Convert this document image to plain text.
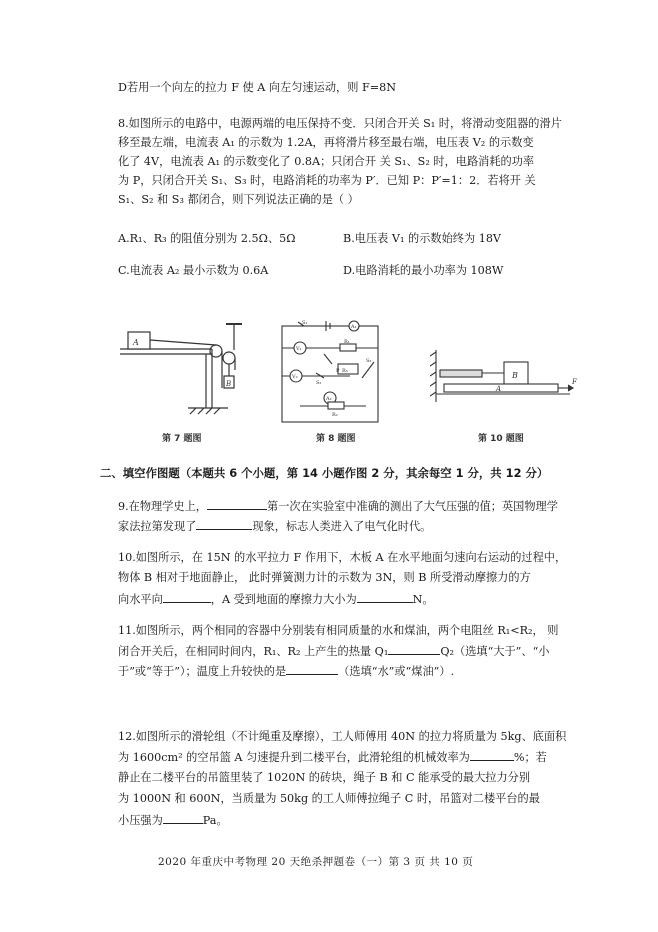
D若用一个向左的拉力 F 使 A 向左匀速运动，则 F=8N
8.如图所示的电路中，电源两端的电压保持不变．只闭合开关 S₁ 时，将滑动变阻器的滑片
移至最左端，电流表 A₁ 的示数为 1.2A，再将滑片移至最右端，电压表 V₂ 的示数变
化了 4V，电流表 A₁ 的示数变化了 0.8A；只闭合开 关 S₁、S₂ 时，电路消耗的功率
为 P，只闭合开关 S₁、S₃ 时，电路消耗的功率为 P′．已知 P：P′=1：2．若将开 关
S₁、S₂ 和 S₃ 都闭合，则下列说法正确的是（ ）
A.R₁、R₃ 的阻值分别为 2.5Ω、5Ω	B.电压表 V₁ 的示数始终为 18V
C.电流表 A₂ 最小示数为 0.6A	D.电路消耗的最小功率为 108W
A
B
第 7 题图
A₁
V₁
R₁
V₂
R₃
P
A₂
R₂
S₁
S₂
S₃
第 8 题图
B
A
F
第 10 题图
二、填空作图题（本题共 6 个小题，第 14 小题作图 2 分，其余每空 1 分，共 12 分）
9.在物理学史上，	第一次在实验室中准确的测出了大气压强的值；英国物理学
家法拉第发现了	现象，标志人类进入了电气化时代。
10.如图所示，在 15N 的水平拉力 F 作用下，木板 A 在水平地面匀速向右运动的过程中，
物体 B 相对于地面静止， 此时弹簧测力计的示数为 3N，则 B 所受滑动摩擦力的方
向水平向	，A 受到地面的摩擦力大小为	N。
11.如图所示，两个相同的容器中分别装有相同质量的水和煤油，两个电阻丝 R₁<R₂， 则
闭合开关后，在相同时间内，R₁、R₂ 上产生的热量 Q₁	Q₂（选填“大于”、“小
于”或“等于”）；温度上升较快的是	（选填“水”或“煤油”）.
12.如图所示的滑轮组（不计绳重及摩擦），工人师傅用 40N 的拉力将质量为 5kg、底面积
为 1600cm² 的空吊篮 A 匀速提升到二楼平台，此滑轮组的机械效率为	%；若
静止在二楼平台的吊篮里装了 1020N 的砖块，绳子 B 和 C 能承受的最大拉力分别
为 1000N 和 600N，当质量为 50kg 的工人师傅拉绳子 C 时，吊篮对二楼平台的最
小压强为	Pa。
2020 年重庆中考物理 20 天绝杀押题卷（一）第 3 页 共 10 页
